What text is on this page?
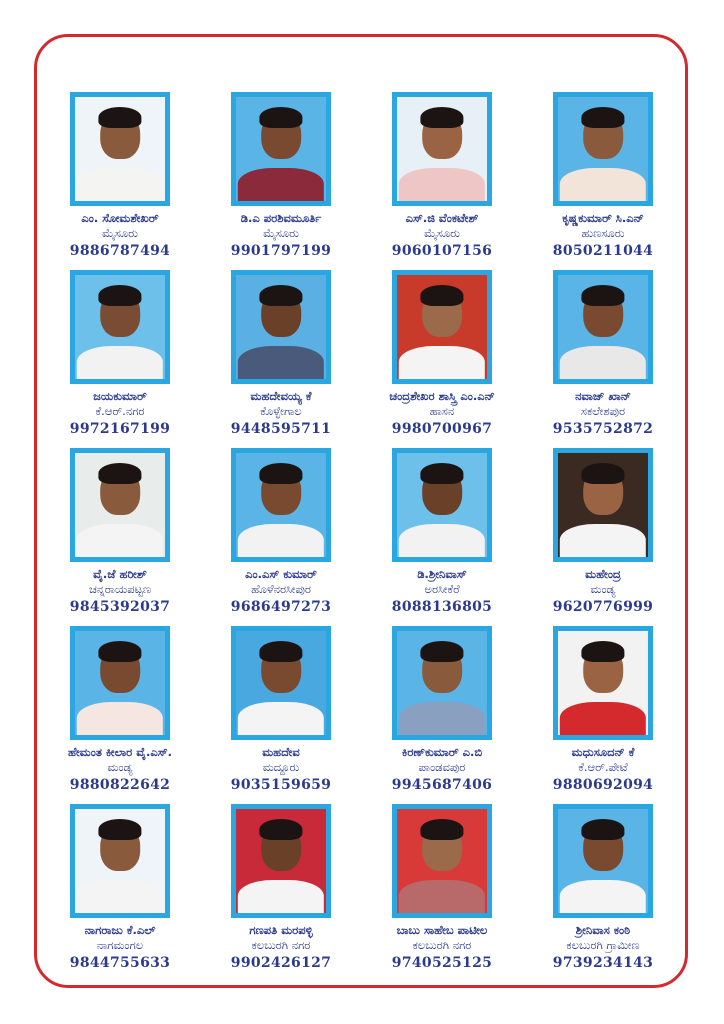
ಎಂ. ಸೋಮಶೇಖರ್
ಮೈಸೂರು
9886787494
ಡಿ.ಎ ಪರಶಿವಮೂರ್ತಿ
ಮೈಸೂರು
9901797199
ಎಸ್.ಜಿ ವೆಂಕಟೇಶ್
ಮೈಸೂರು
9060107156
ಕೃಷ್ಣಕುಮಾರ್ ಸಿ.ಎನ್
ಹುಣಸೂರು
8050211044
ಜಯಕುಮಾರ್
ಕೆ.ಆರ್.ನಗರ
9972167199
ಮಹದೇವಯ್ಯ ಕೆ
ಕೊಳ್ಳೇಗಾಲ
9448595711
ಚಂದ್ರಶೇಖರ ಶಾಸ್ತ್ರಿ ಎಂ.ಎನ್
ಹಾಸನ
9980700967
ನವಾಜ್ ಖಾನ್
ಸಕಲೇಶಪುರ
9535752872
ವೈ.ಜೆ ಹರೀಶ್
ಚನ್ನರಾಯಪಟ್ಟಣ
9845392037
ಎಂ.ಎಸ್ ಕುಮಾರ್
ಹೊಳೆನರಸೀಪುರ
9686497273
ಡಿ.ಶ್ರೀನಿವಾಸ್
ಅರಸೀಕೆರೆ
8088136805
ಮಹೇಂದ್ರ
ಮಂಡ್ಯ
9620776999
ಹೇಮಂತ ಕೀಲಾರ ವೈ.ಎಸ್.
ಮಂಡ್ಯ
9880822642
ಮಹದೇವ
ಮದ್ದೂರು
9035159659
ಕಿರಣ್‌ಕುಮಾರ್ ಎ.ಬಿ
ಪಾಂಡವಪುರ
9945687406
ಮಧುಸೂದನ್ ಕೆ
ಕೆ.ಆರ್.ಪೇಟೆ
9880692094
ನಾಗರಾಜು ಕೆ.ಎಲ್
ನಾಗಮಂಗಲ
9844755633
ಗಣಪತಿ ಮರಪಳ್ಳಿ
ಕಲಬುರಗಿ ನಗರ
9902426127
ಬಾಬು ಸಾಹೇಬ ಪಾಟೀಲ
ಕಲಬುರಗಿ ನಗರ
9740525125
ಶ್ರೀನಿವಾಸ ಕಂಠಿ
ಕಲಬುರಗಿ ಗ್ರಾಮೀಣ
9739234143
